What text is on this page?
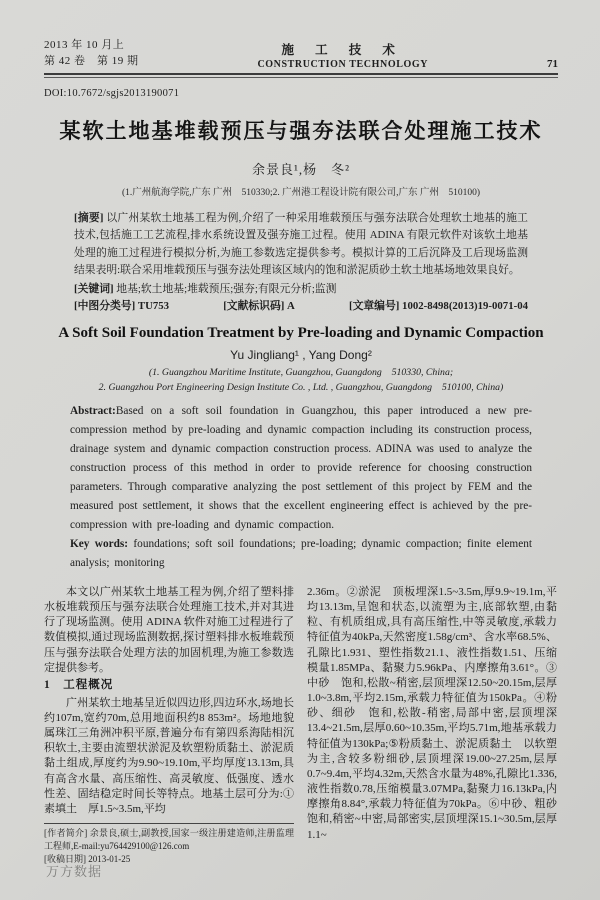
2013 年 10 月上
第 42 卷　第 19 期
施 工 技 术
CONSTRUCTION TECHNOLOGY	71
DOI:10.7672/sgjs2013190071
某软土地基堆载预压与强夯法联合处理施工技术
余景良¹,杨　冬²
(1.广州航海学院,广东 广州　510330;2. 广州港工程设计院有限公司,广东 广州　510100)
[摘要] 以广州某软土地基工程为例,介绍了一种采用堆载预压与强夯法联合处理软土地基的施工技术,包括施工工艺流程,排水系统设置及强夯施工过程。使用 ADINA 有限元软件对该软土地基处理的施工过程进行模拟分析,为施工参数选定提供参考。模拟计算的工后沉降及工后现场监测结果表明:联合采用堆载预压与强夯法处理该区域内的饱和淤泥质砂土软土地基场地效果良好。
[关键词] 地基;软土地基;堆载预压;强夯;有限元分析;监测
[中图分类号] TU753	[文献标识码] A	[文章编号] 1002-8498(2013)19-0071-04
A Soft Soil Foundation Treatment by Pre-loading and Dynamic Compaction
Yu Jingliang¹ , Yang Dong²
(1. Guangzhou Maritime Institute, Guangzhou, Guangdong　510330, China;
2. Guangzhou Port Engineering Design Institute Co. , Ltd. , Guangzhou, Guangdong　510100, China)
Abstract:Based on a soft soil foundation in Guangzhou, this paper introduced a new pre-compression method by pre-loading and dynamic compaction including its construction process, drainage system and dynamic compaction construction process. ADINA was used to analyze the construction process of this method in order to provide reference for choosing construction parameters. Through comparative analyzing the post settlement of this project by FEM and the measured post settlement, it shows that the excellent engineering effect is achieved by the pre-compression with pre-loading and dynamic compaction.
Key words: foundations; soft soil foundations; pre-loading; dynamic compaction; finite element analysis; monitoring

本文以广州某软土地基工程为例,介绍了塑料排水板堆载预压与强夯法联合处理施工技术,并对其进行了现场监测。使用 ADINA 软件对施工过程进行了数值模拟,通过现场监测数据,探讨塑料排水板堆载预压与强夯法联合处理方法的加固机理,为施工参数选定提供参考。

1　工程概况

广州某软土地基呈近似四边形,四边环水,场地长约107m,宽约70m,总用地面积约8 853m²。场地地貌属珠江三角洲冲积平原,普遍分布有第四系海陆相沉积软土,主要由流塑状淤泥及软塑粉质黏土、淤泥质黏土组成,厚度约为9.90~19.10m,平均厚度13.13m,具有高含水量、高压缩性、高灵敏度、低强度、透水性差、固结稳定时间长等特点。地基土层可分为:①素填土　厚1.5~3.5m,平均

[作者简介] 余景良,硕士,副教授,国家一级注册建造师,注册监理工程师,E-mail:yu764429100@126.com
[收稿日期] 2013-01-25

2.36m。②淤泥　顶板埋深1.5~3.5m,厚9.9~19.1m,平均13.13m,呈饱和状态,以流塑为主,底部软塑,由黏粒、有机质组成,具有高压缩性,中等灵敏度,承载力特征值为40kPa,天然密度1.58g/cm³、含水率68.5%、孔隙比1.931、塑性指数21.1、液性指数1.51、压缩模量1.85MPa、黏聚力5.96kPa、内摩擦角3.61°。③中砂　饱和,松散~稍密,层顶埋深12.50~20.15m,层厚1.0~3.8m,平均2.15m,承载力特征值为150kPa。④粉砂、细砂　饱和,松散-稍密,局部中密,层顶埋深13.4~21.5m,层厚0.60~10.35m,平均5.71m,地基承载力特征值为130kPa;⑤粉质黏土、淤泥质黏土　以软塑为主,含较多粉细砂,层顶埋深19.00~27.25m,层厚0.7~9.4m,平均4.32m,天然含水量为48%,孔隙比1.336,液性指数0.78,压缩模量3.07MPa,黏聚力16.13kPa,内摩擦角8.84°,承载力特征值为70kPa。⑥中砂、粗砂　饱和,稍密~中密,局部密实,层顶埋深15.1~30.5m,层厚1.1~

万方数据
